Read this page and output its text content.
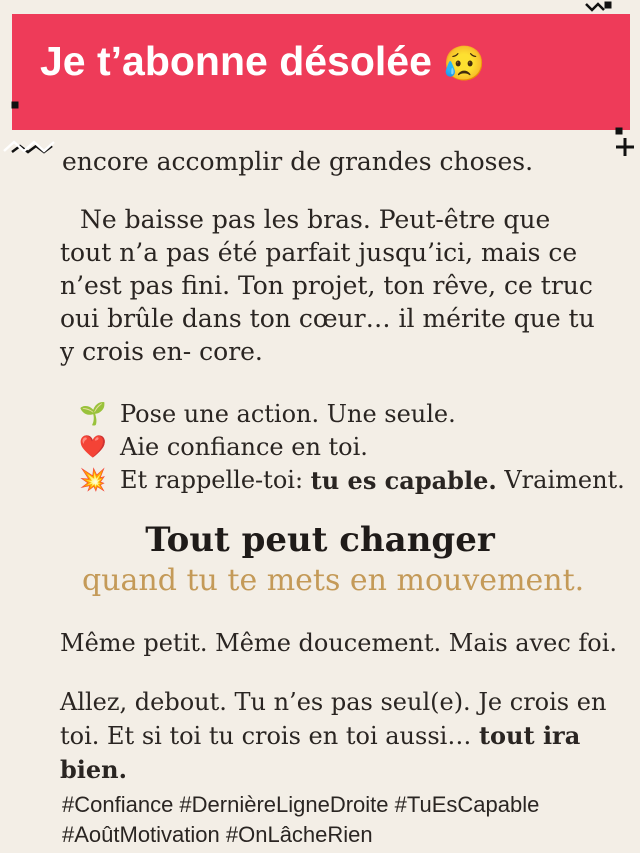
Je t’abonne désolée 😥
encore accomplir de grandes choses.
Ne baisse pas les bras. Peut-être que tout n’a pas été parfait jusqu’ici, mais ce n’est pas fini. Ton projet, ton rêve, ce truc oui brûle dans ton cœur… il mérite que tu y crois en- core.
🌱 Pose une action. Une seule.
❤️ Aie confiance en toi.
💥 Et rappelle-toi: tu es capable. Vraiment.
Tout peut changer
quand tu te mets en mouvement.
Même petit. Même doucement. Mais avec foi.
Allez, debout. Tu n’es pas seul(e). Je crois en toi. Et si toi tu crois en toi aussi… tout ira bien.
#Confiance #DernièreLigneDroite #TuEsCapable
#AoûtMotivation #OnLâcheRien
